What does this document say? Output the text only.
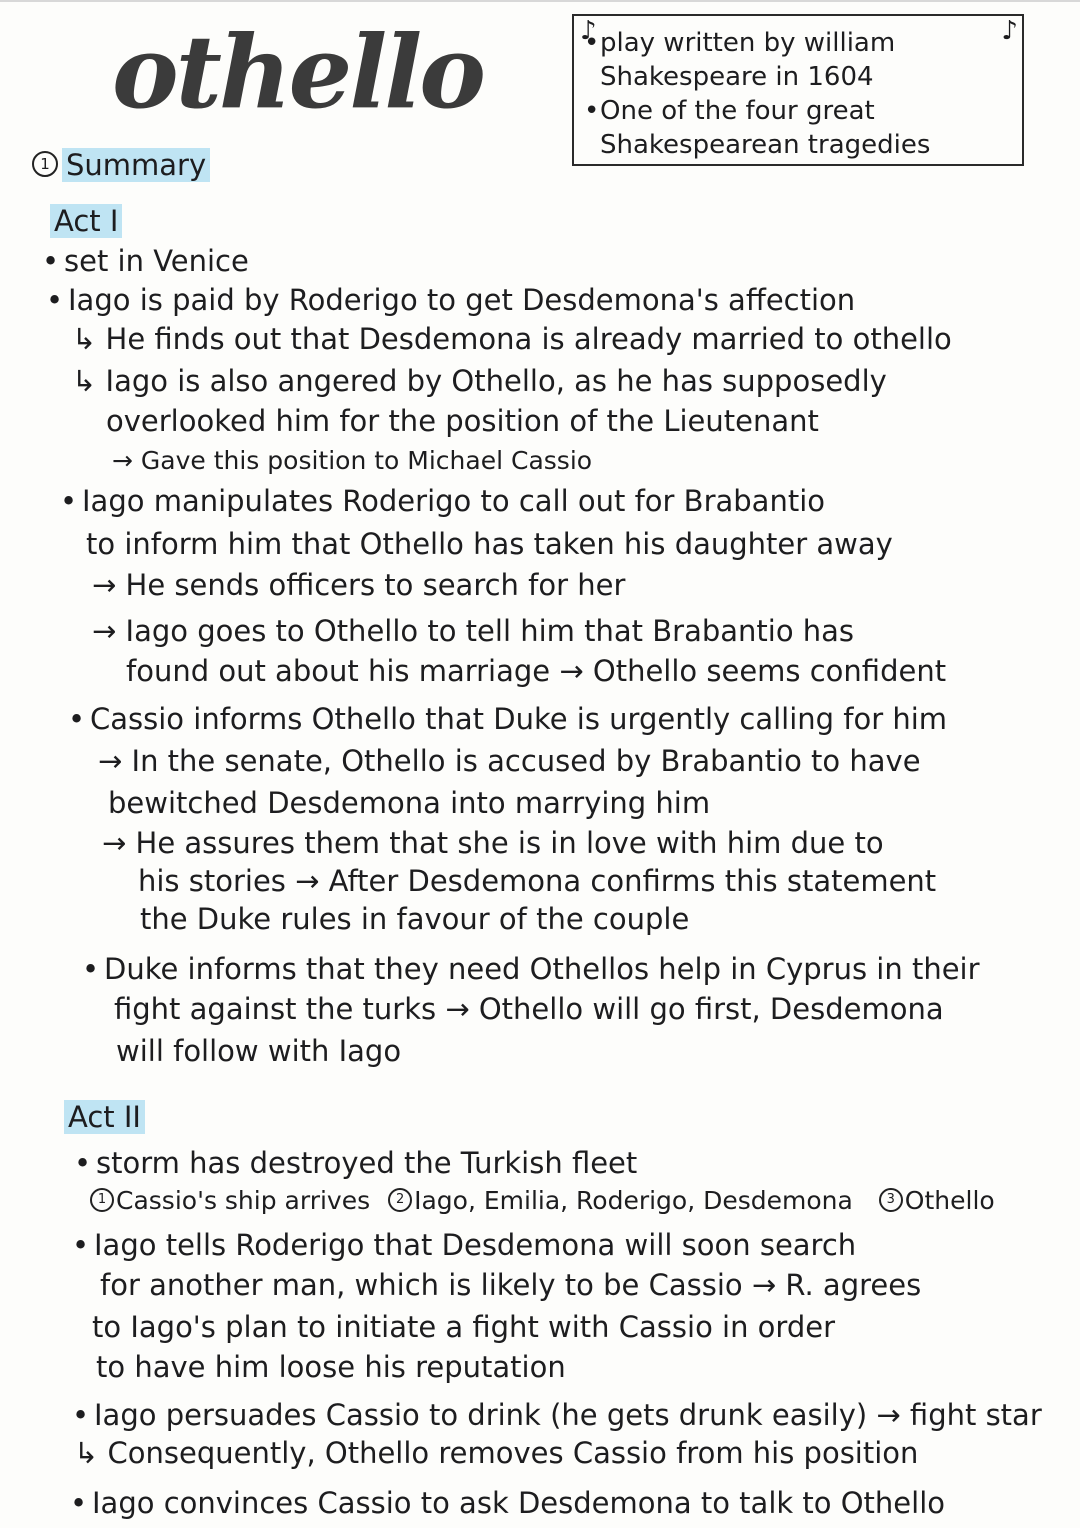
othello	♪	♪
• play written by william
Shakespeare in 1604
• One of the four great
Shakespearean tragedies
1 Summary
Act I
• set in Venice
• Iago is paid by Roderigo to get Desdemona's affection
↳ He finds out that Desdemona is already married to othello
↳ Iago is also angered by Othello, as he has supposedly
overlooked him for the position of the Lieutenant
→ Gave this position to Michael Cassio
• Iago manipulates Roderigo to call out for Brabantio
to inform him that Othello has taken his daughter away
→ He sends officers to search for her
→ Iago goes to Othello to tell him that Brabantio has
found out about his marriage → Othello seems confident
• Cassio informs Othello that Duke is urgently calling for him
→ In the senate, Othello is accused by Brabantio to have
bewitched Desdemona into marrying him
→ He assures them that she is in love with him due to
his stories → After Desdemona confirms this statement
the Duke rules in favour of the couple
• Duke informs that they need Othellos help in Cyprus in their
fight against the turks → Othello will go first, Desdemona
will follow with Iago
Act II
• storm has destroyed the Turkish fleet
1 Cassio's ship arrives 2 Iago, Emilia, Roderigo, Desdemona	3 Othello
• Iago tells Roderigo that Desdemona will soon search
for another man, which is likely to be Cassio → R. agrees
to Iago's plan to initiate a fight with Cassio in order
to have him loose his reputation
• Iago persuades Cassio to drink (he gets drunk easily) → fight star
↳ Consequently, Othello removes Cassio from his position
• Iago convinces Cassio to ask Desdemona to talk to Othello
